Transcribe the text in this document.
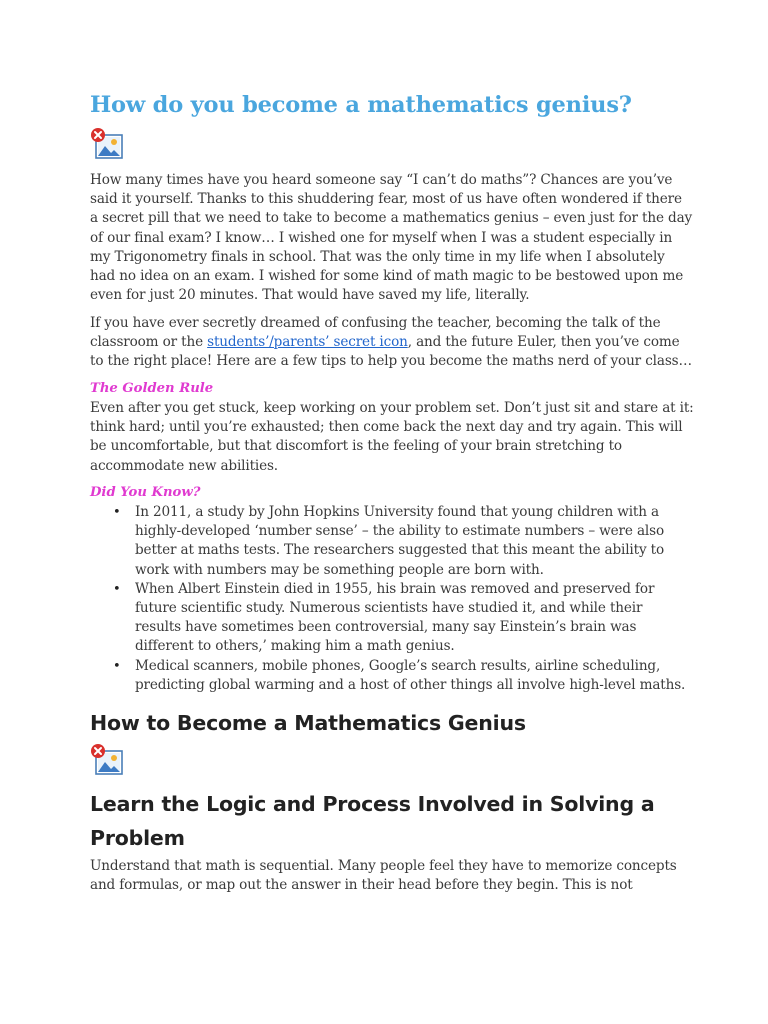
How do you become a mathematics genius?
How many times have you heard someone say “I can’t do maths”? Chances are you’ve
said it yourself. Thanks to this shuddering fear, most of us have often wondered if there
a secret pill that we need to take to become a mathematics genius – even just for the day
of our final exam? I know… I wished one for myself when I was a student especially in
my Trigonometry finals in school. That was the only time in my life when I absolutely
had no idea on an exam. I wished for some kind of math magic to be bestowed upon me
even for just 20 minutes. That would have saved my life, literally.
If you have ever secretly dreamed of confusing the teacher, becoming the talk of the
classroom or the students’/parents’ secret icon, and the future Euler, then you’ve come
to the right place! Here are a few tips to help you become the maths nerd of your class…
The Golden Rule
Even after you get stuck, keep working on your problem set. Don’t just sit and stare at it:
think hard; until you’re exhausted; then come back the next day and try again. This will
be uncomfortable, but that discomfort is the feeling of your brain stretching to
accommodate new abilities.
Did You Know?
• In 2011, a study by John Hopkins University found that young children with a
highly-developed ‘number sense’ – the ability to estimate numbers – were also
better at maths tests. The researchers suggested that this meant the ability to
work with numbers may be something people are born with.
• When Albert Einstein died in 1955, his brain was removed and preserved for
future scientific study. Numerous scientists have studied it, and while their
results have sometimes been controversial, many say Einstein’s brain was
different to others,’ making him a math genius.
• Medical scanners, mobile phones, Google’s search results, airline scheduling,
predicting global warming and a host of other things all involve high-level maths.
How to Become a Mathematics Genius
Learn the Logic and Process Involved in Solving a
Problem
Understand that math is sequential. Many people feel they have to memorize concepts
and formulas, or map out the answer in their head before they begin. This is not
